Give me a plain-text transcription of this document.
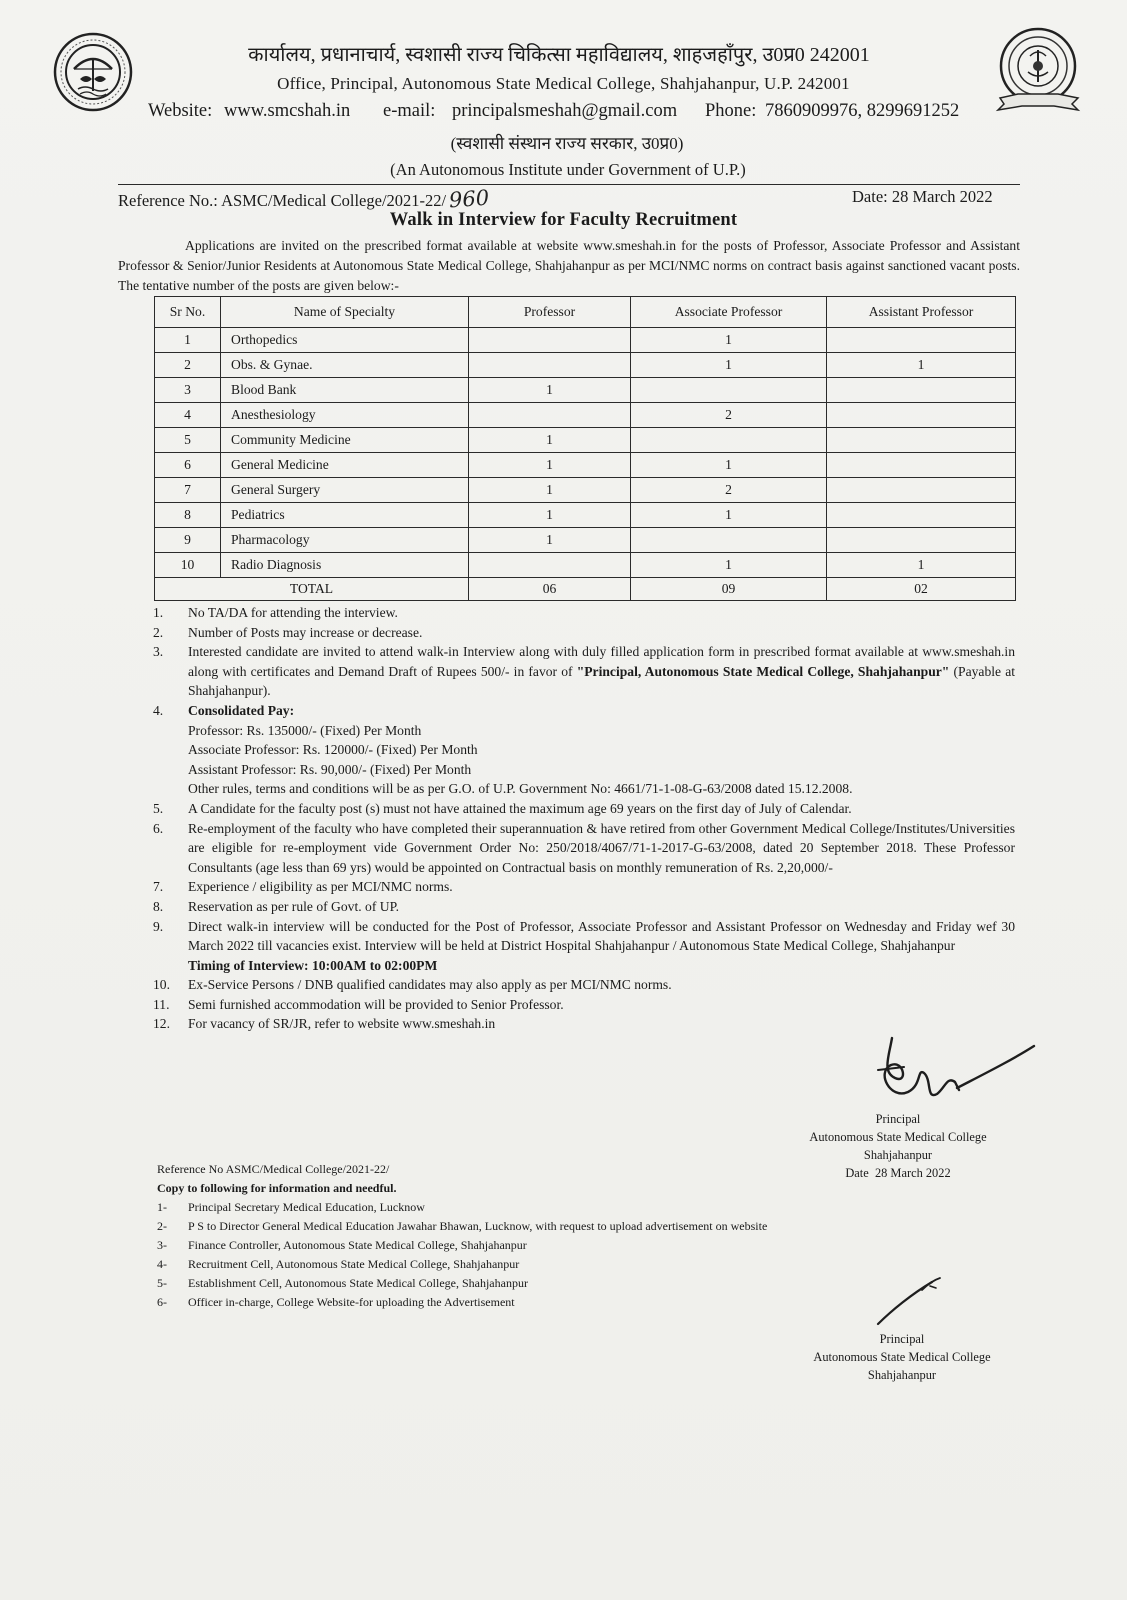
कार्यालय, प्रधानाचार्य, स्वशासी राज्य चिकित्सा महाविद्यालय, शाहजहाँपुर, उ0प्र0 242001
Office, Principal, Autonomous State Medical College, Shahjahanpur, U.P. 242001
Website: www.smcshah.in e-mail: principalsmeshah@gmail.com Phone: 7860909976, 8299691252
(स्वशासी संस्थान राज्य सरकार, उ0प्र0)
(An Autonomous Institute under Government of U.P.)
Reference No.: ASMC/Medical College/2021-22/ 960	Date: 28 March 2022
Walk in Interview for Faculty Recruitment
Applications are invited on the prescribed format available at website www.smeshah.in for the posts of Professor, Associate Professor and Assistant Professor & Senior/Junior Residents at Autonomous State Medical College, Shahjahanpur as per MCI/NMC norms on contract basis against sanctioned vacant posts. The tentative number of the posts are given below:-
Sr No.	Name of Specialty	Professor	Associate Professor	Assistant Professor
1	Orthopedics		1	
2	Obs. & Gynae.		1	1
3	Blood Bank	1		
4	Anesthesiology		2	
5	Community Medicine	1		
6	General Medicine	1	1	
7	General Surgery	1	2	
8	Pediatrics	1	1	
9	Pharmacology	1		
10	Radio Diagnosis		1	1
TOTAL		06	09	02
1.	No TA/DA for attending the interview.
2.	Number of Posts may increase or decrease.
3.	Interested candidate are invited to attend walk-in Interview along with duly filled application form in prescribed format available at www.smeshah.in along with certificates and Demand Draft of Rupees 500/- in favor of "Principal, Autonomous State Medical College, Shahjahanpur" (Payable at Shahjahanpur).
4.	Consolidated Pay:
Professor: Rs. 135000/- (Fixed) Per Month
Associate Professor: Rs. 120000/- (Fixed) Per Month
Assistant Professor: Rs. 90,000/- (Fixed) Per Month
Other rules, terms and conditions will be as per G.O. of U.P. Government No: 4661/71-1-08-G-63/2008 dated 15.12.2008.
5.	A Candidate for the faculty post (s) must not have attained the maximum age 69 years on the first day of July of Calendar.
6.	Re-employment of the faculty who have completed their superannuation & have retired from other Government Medical College/Institutes/Universities are eligible for re-employment vide Government Order No: 250/2018/4067/71-1-2017-G-63/2008, dated 20 September 2018. These Professor Consultants (age less than 69 yrs) would be appointed on Contractual basis on monthly remuneration of Rs. 2,20,000/-
7.	Experience / eligibility as per MCI/NMC norms.
8.	Reservation as per rule of Govt. of UP.
9.	Direct walk-in interview will be conducted for the Post of Professor, Associate Professor and Assistant Professor on Wednesday and Friday wef 30 March 2022 till vacancies exist. Interview will be held at District Hospital Shahjahanpur / Autonomous State Medical College, Shahjahanpur
Timing of Interview: 10:00AM to 02:00PM
10.	Ex-Service Persons / DNB qualified candidates may also apply as per MCI/NMC norms.
11.	Semi furnished accommodation will be provided to Senior Professor.
12.	For vacancy of SR/JR, refer to website www.smeshah.in
Principal
Autonomous State Medical College
Shahjahanpur
Date 28 March 2022
Reference No ASMC/Medical College/2021-22/
Copy to following for information and needful.
1-	Principal Secretary Medical Education, Lucknow
2-	P S to Director General Medical Education Jawahar Bhawan, Lucknow, with request to upload advertisement on website
3-	Finance Controller, Autonomous State Medical College, Shahjahanpur
4-	Recruitment Cell, Autonomous State Medical College, Shahjahanpur
5-	Establishment Cell, Autonomous State Medical College, Shahjahanpur
6-	Officer in-charge, College Website-for uploading the Advertisement
Principal
Autonomous State Medical College
Shahjahanpur
